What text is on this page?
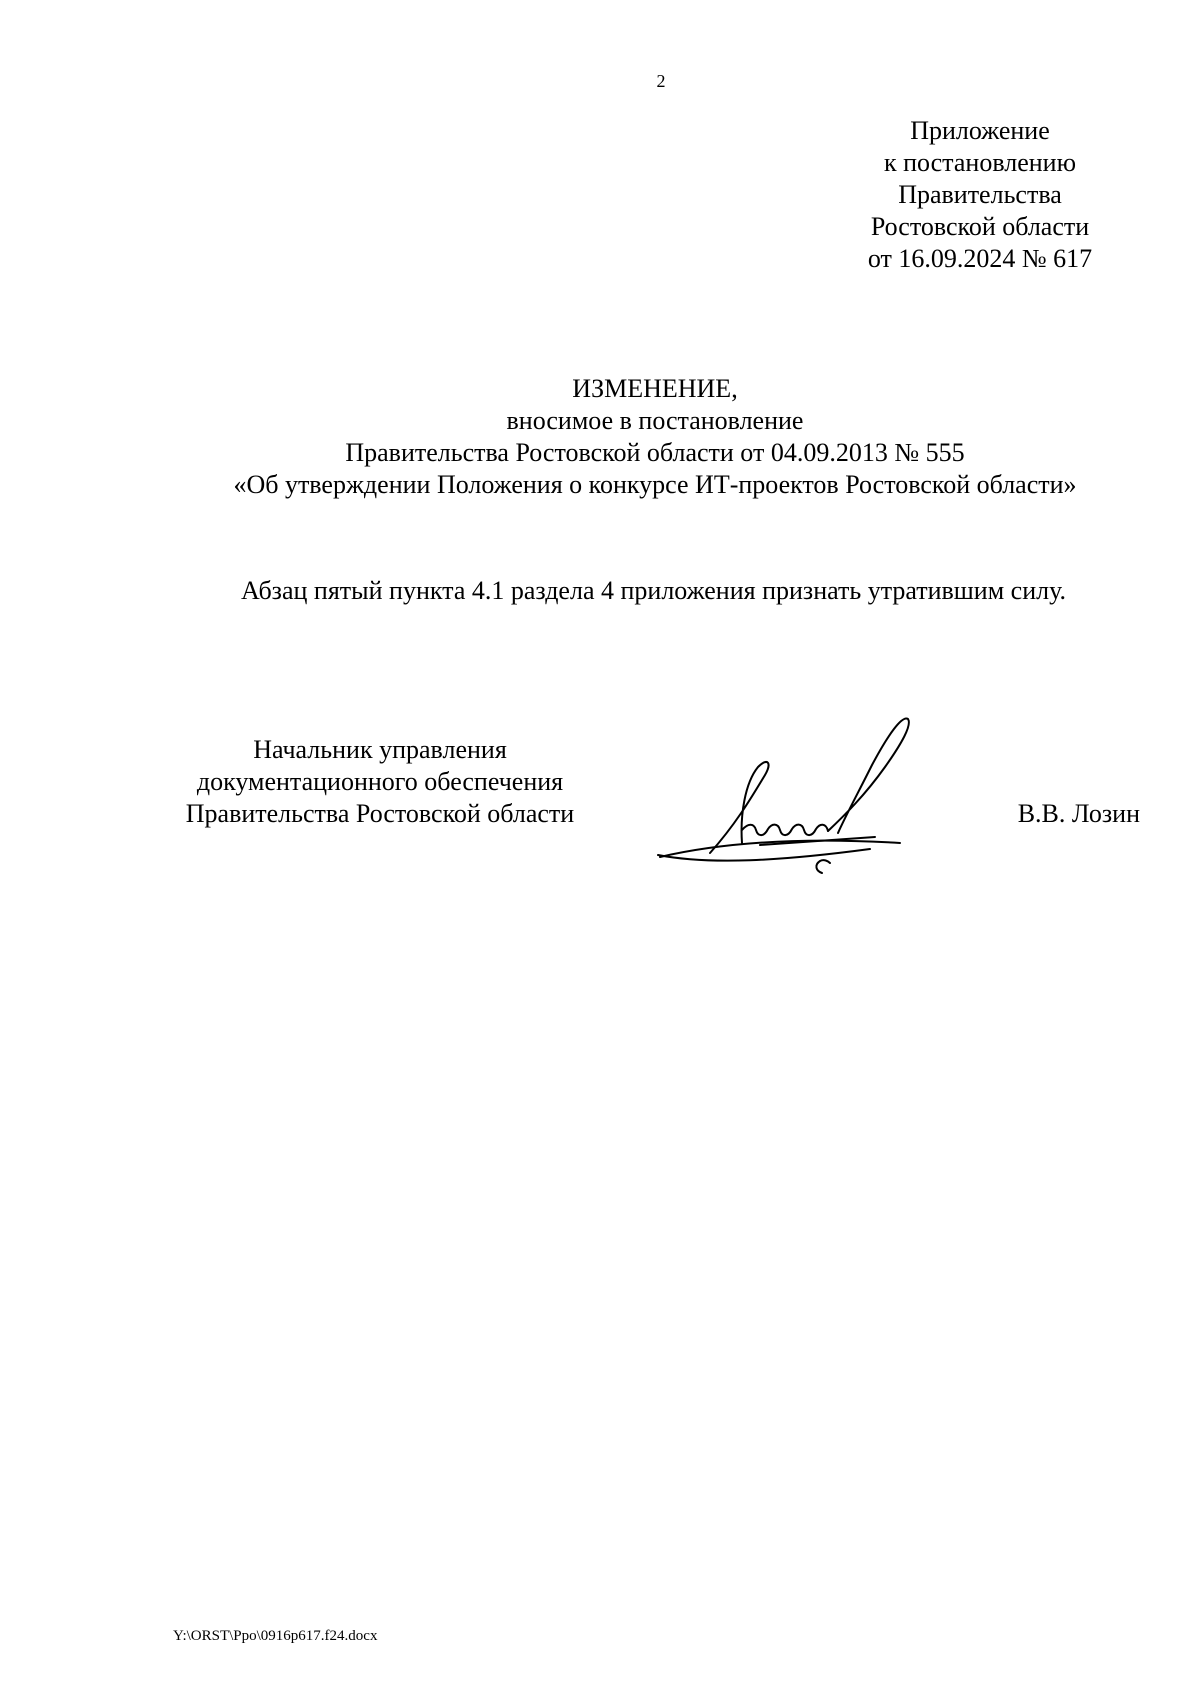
2
Приложение
к постановлению
Правительства
Ростовской области
от 16.09.2024 № 617
ИЗМЕНЕНИЕ,
вносимое в постановление
Правительства Ростовской области от 04.09.2013 № 555
«Об утверждении Положения о конкурсе ИТ-проектов Ростовской области»
Абзац пятый пункта 4.1 раздела 4 приложения признать утратившим силу.
Начальник управления
документационного обеспечения
Правительства Ростовской области	В.В. Лозин
Y:\ORST\Ppo\0916p617.f24.docx
